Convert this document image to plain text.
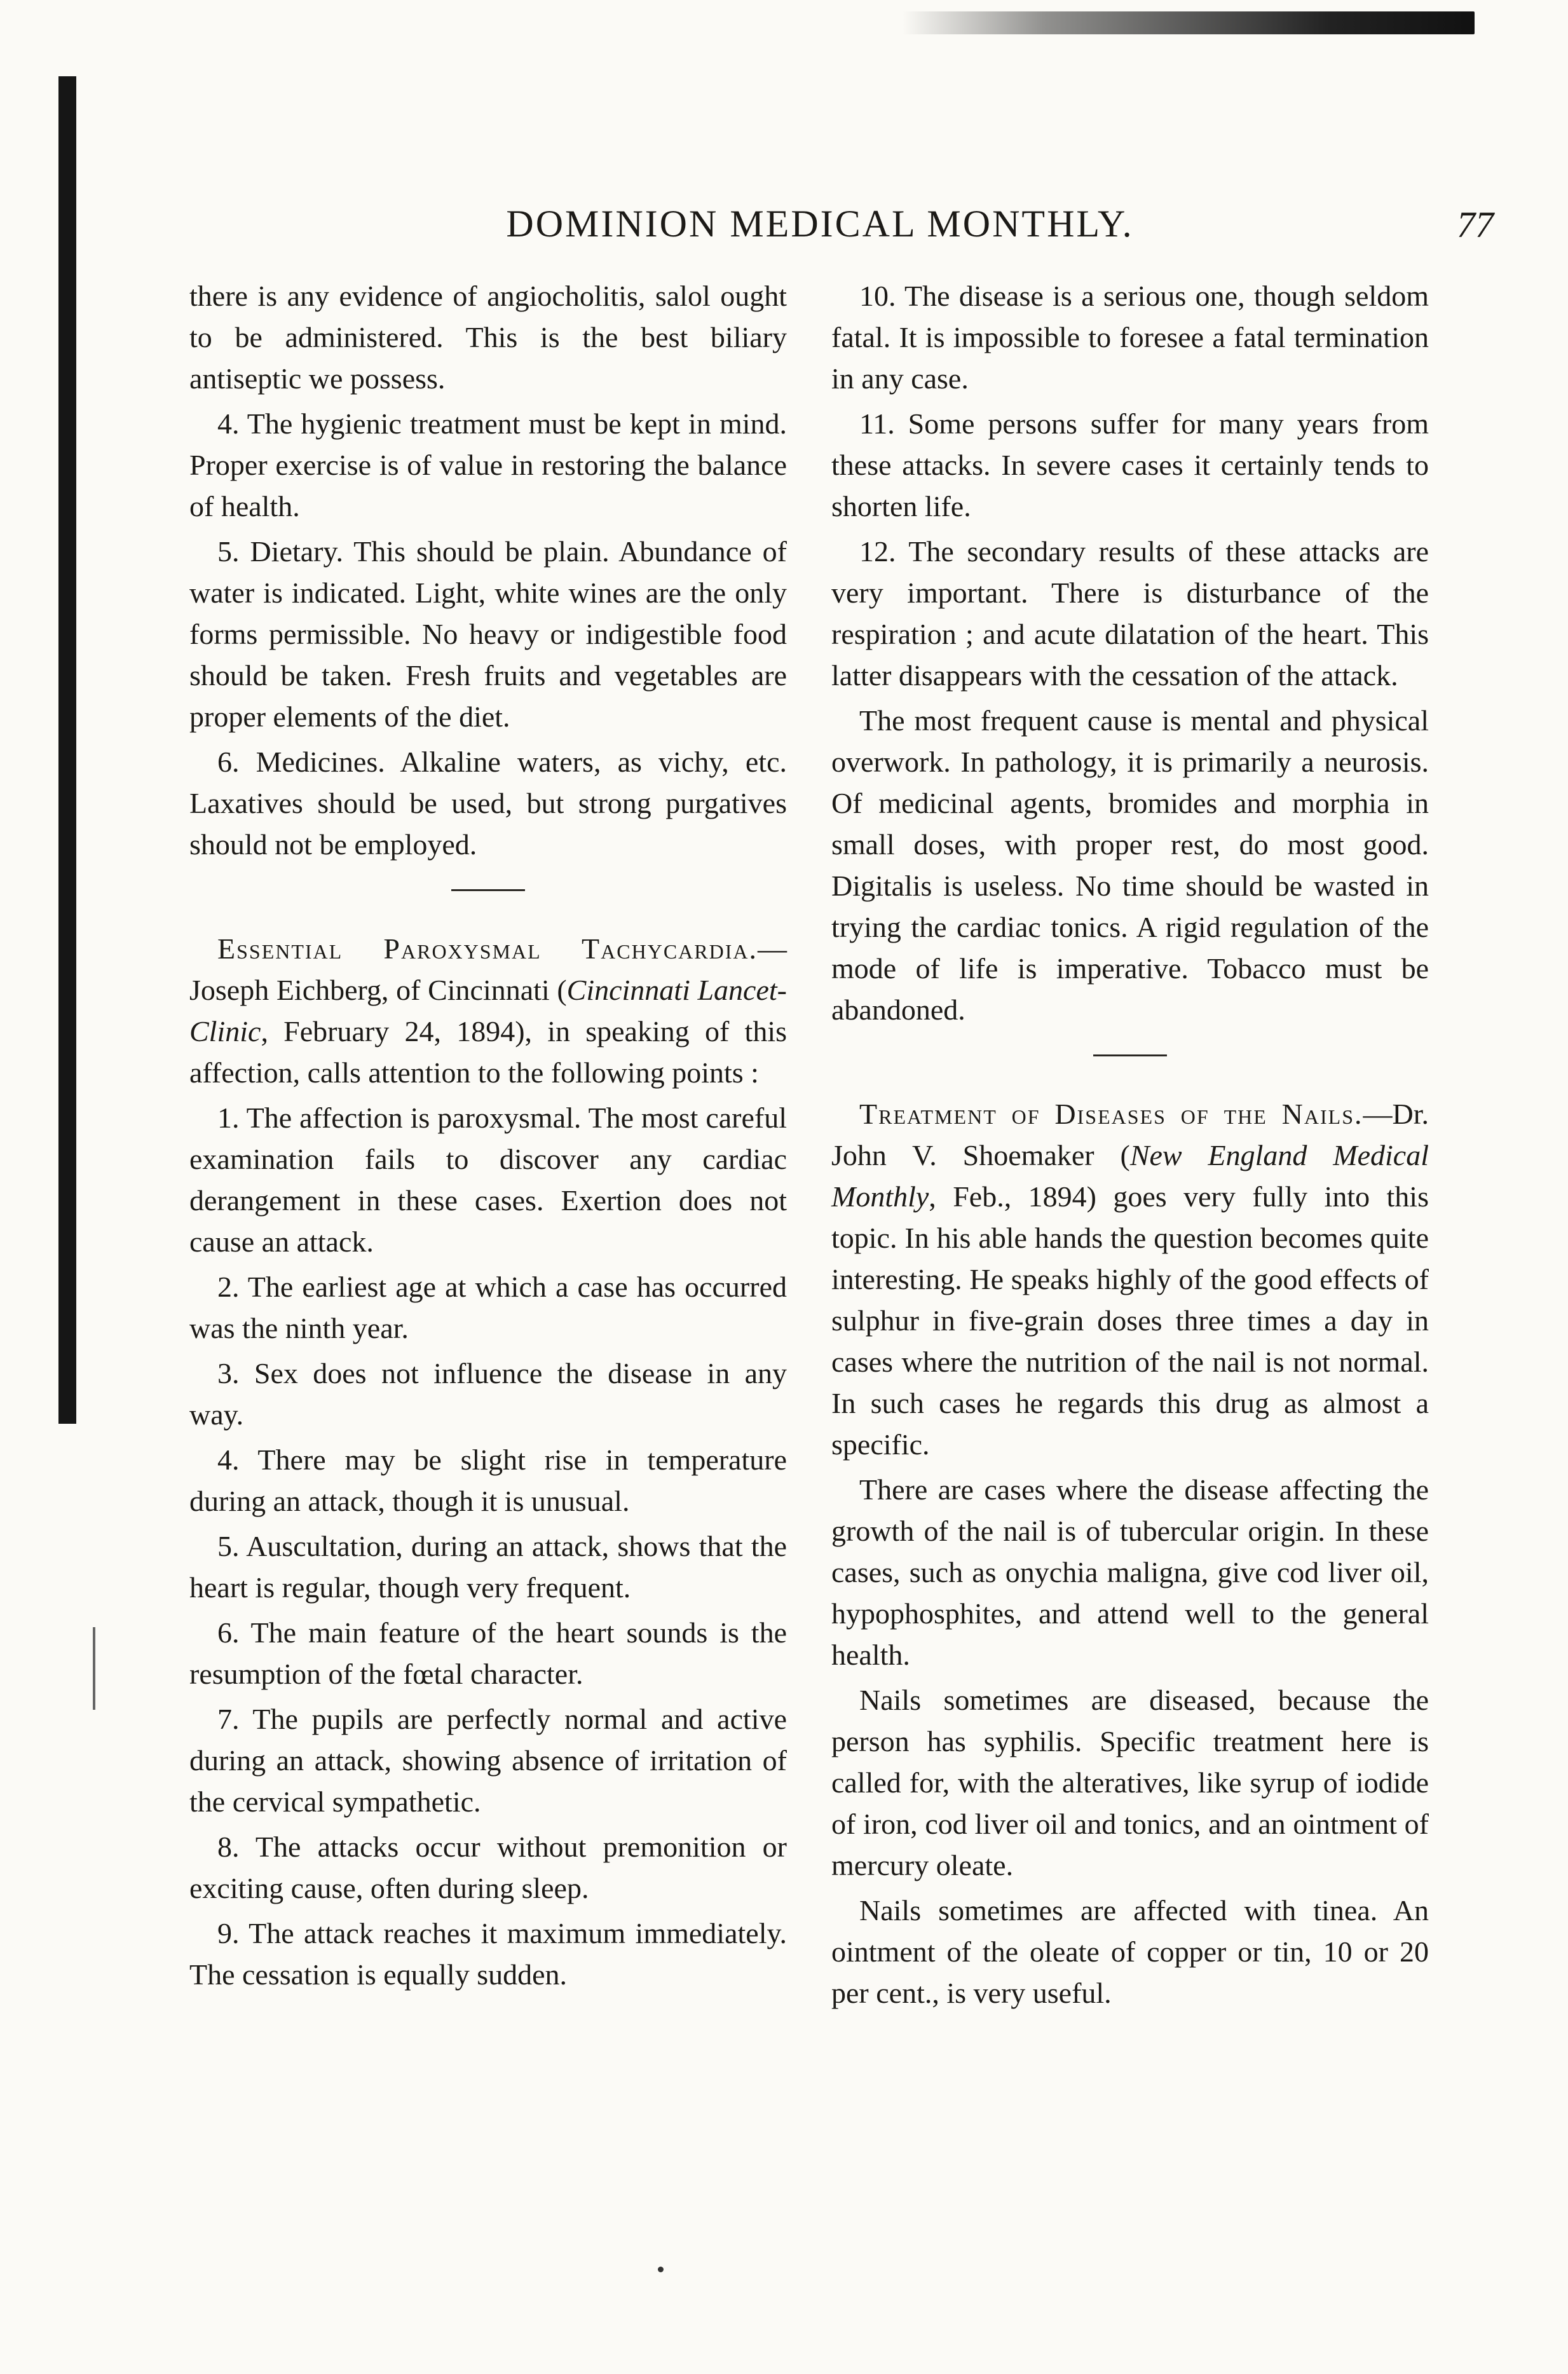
DOMINION MEDICAL MONTHLY.	77

there is any evidence of angiocholitis, salol ought to be administered. This is the best biliary antiseptic we possess.

4. The hygienic treatment must be kept in mind. Proper exercise is of value in restoring the balance of health.

5. Dietary. This should be plain. Abundance of water is indicated. Light, white wines are the only forms permissible. No heavy or indigestible food should be taken. Fresh fruits and vegetables are proper elements of the diet.

6. Medicines. Alkaline waters, as vichy, etc. Laxatives should be used, but strong purgatives should not be employed.

Essential Paroxysmal Tachycardia.—Joseph Eichberg, of Cincinnati (Cincinnati Lancet-Clinic, February 24, 1894), in speaking of this affection, calls attention to the following points :

1. The affection is paroxysmal. The most careful examination fails to discover any cardiac derangement in these cases. Exertion does not cause an attack.

2. The earliest age at which a case has occurred was the ninth year.

3. Sex does not influence the disease in any way.

4. There may be slight rise in temperature during an attack, though it is unusual.

5. Auscultation, during an attack, shows that the heart is regular, though very frequent.

6. The main feature of the heart sounds is the resumption of the fœtal character.

7. The pupils are perfectly normal and active during an attack, showing absence of irritation of the cervical sympathetic.

8. The attacks occur without premonition or exciting cause, often during sleep.

9. The attack reaches it maximum immediately. The cessation is equally sudden.

10. The disease is a serious one, though seldom fatal. It is impossible to foresee a fatal termination in any case.

11. Some persons suffer for many years from these attacks. In severe cases it certainly tends to shorten life.

12. The secondary results of these attacks are very important. There is disturbance of the respiration ; and acute dilatation of the heart. This latter disappears with the cessation of the attack.

The most frequent cause is mental and physical overwork. In pathology, it is primarily a neurosis. Of medicinal agents, bromides and morphia in small doses, with proper rest, do most good. Digitalis is useless. No time should be wasted in trying the cardiac tonics. A rigid regulation of the mode of life is imperative. Tobacco must be abandoned.

Treatment of Diseases of the Nails.—Dr. John V. Shoemaker (New England Medical Monthly, Feb., 1894) goes very fully into this topic. In his able hands the question becomes quite interesting. He speaks highly of the good effects of sulphur in five-grain doses three times a day in cases where the nutrition of the nail is not normal. In such cases he regards this drug as almost a specific.

There are cases where the disease affecting the growth of the nail is of tubercular origin. In these cases, such as onychia maligna, give cod liver oil, hypophosphites, and attend well to the general health.

Nails sometimes are diseased, because the person has syphilis. Specific treatment here is called for, with the alteratives, like syrup of iodide of iron, cod liver oil and tonics, and an ointment of mercury oleate.

Nails sometimes are affected with tinea. An ointment of the oleate of copper or tin, 10 or 20 per cent., is very useful.
